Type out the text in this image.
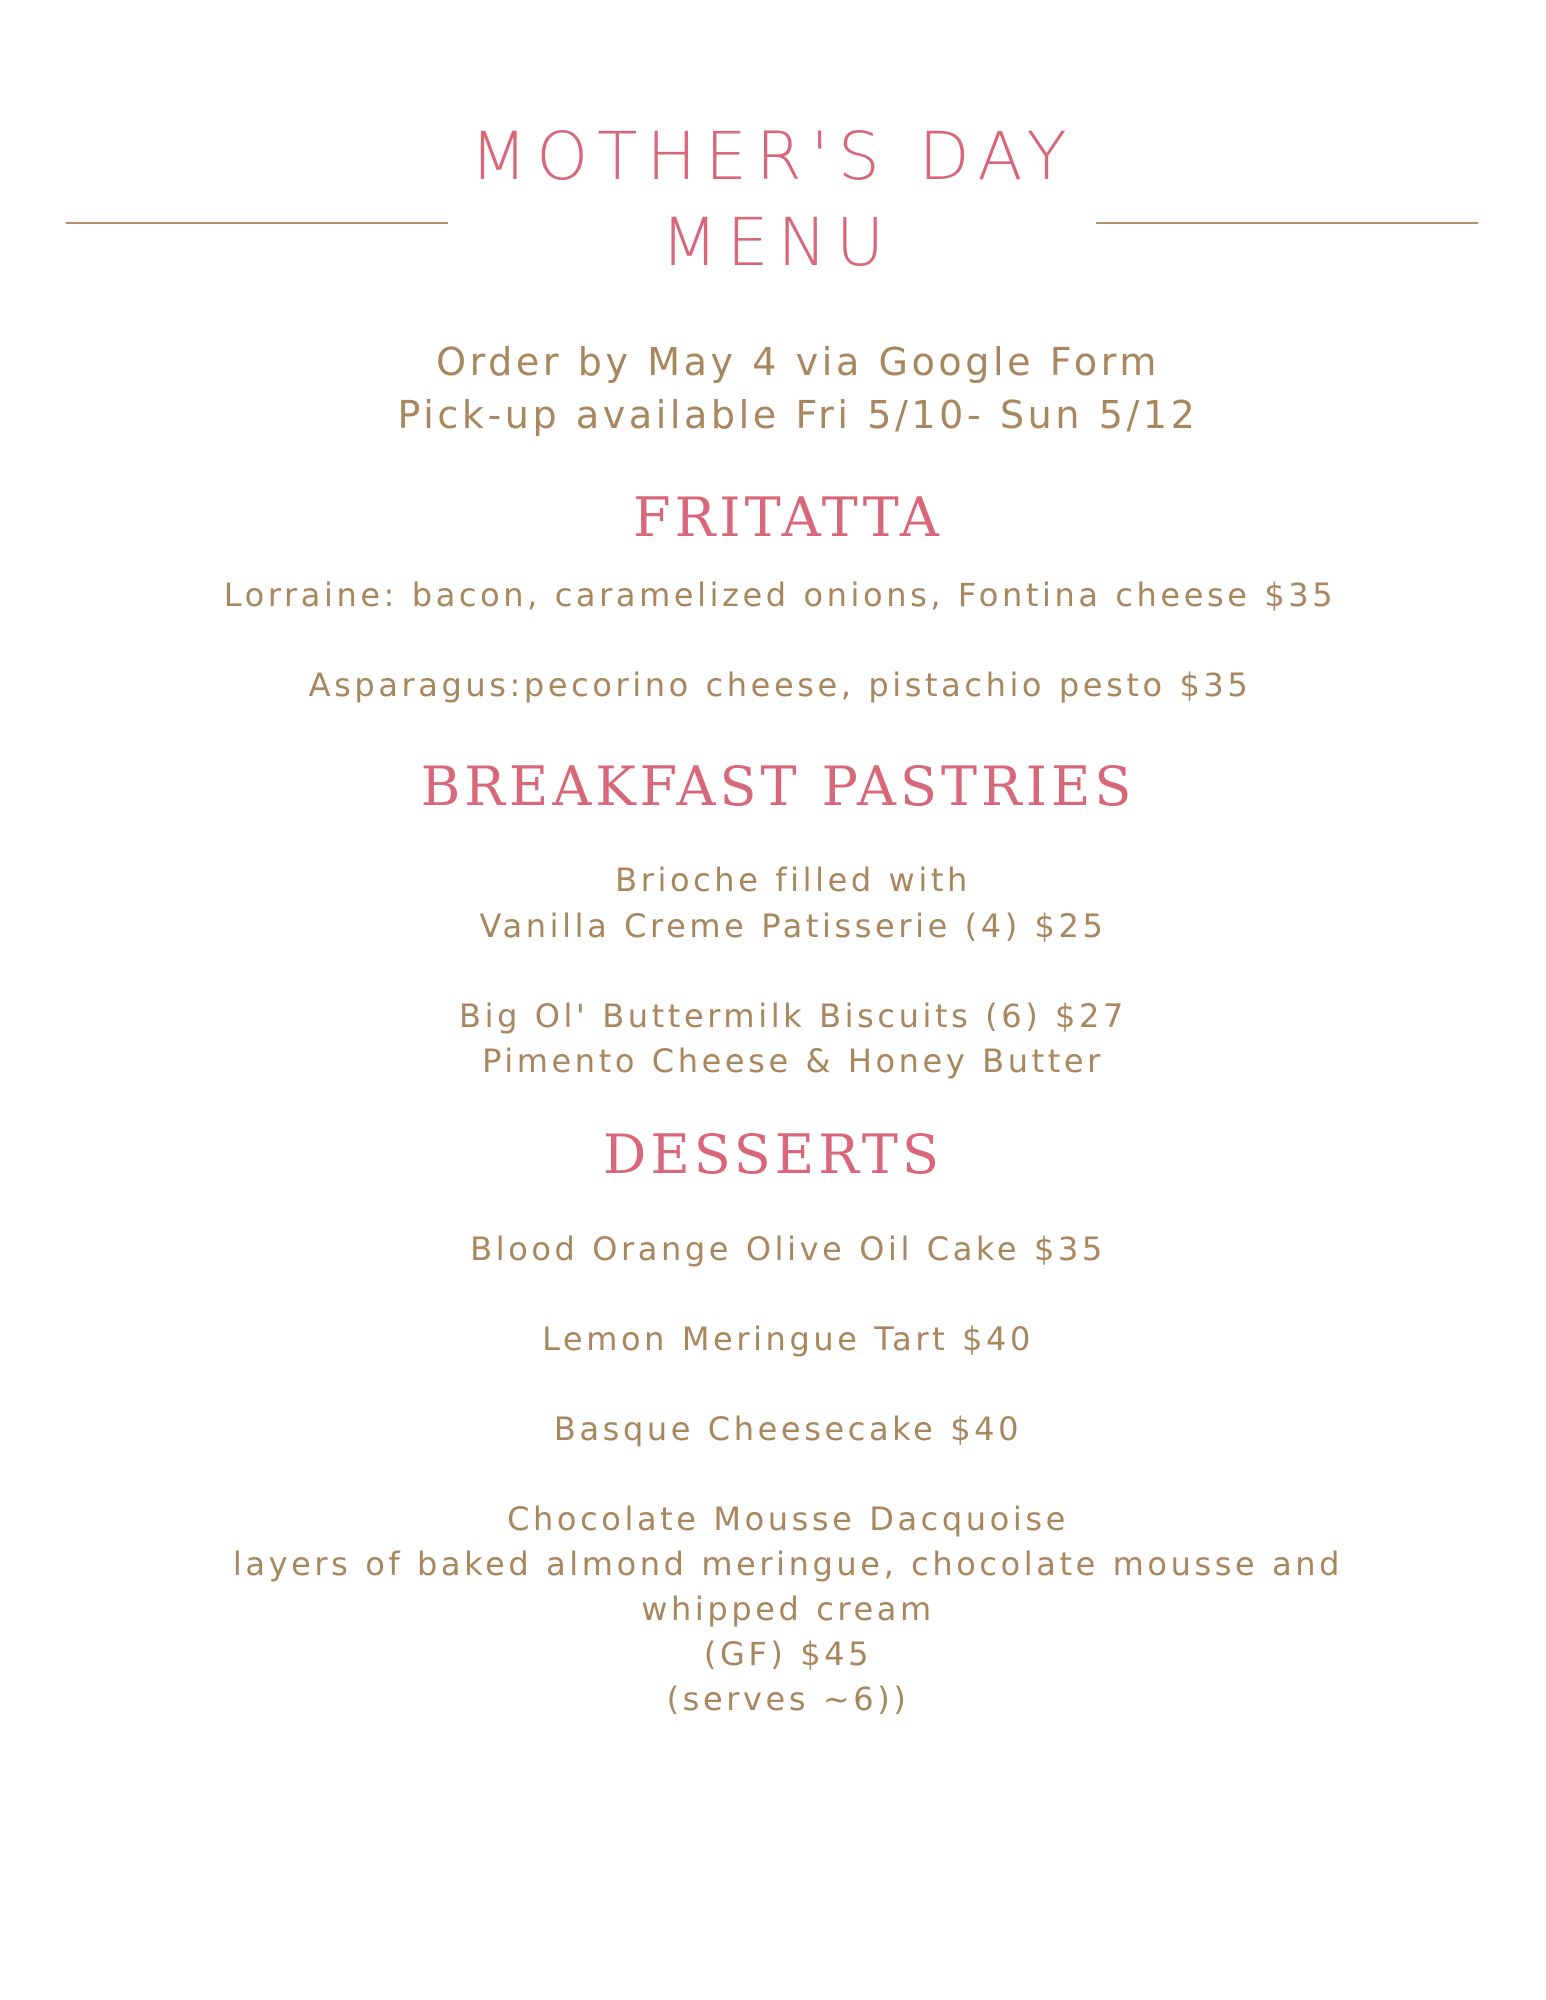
MOTHER'S DAY
MENU
Order by May 4 via Google Form
Pick-up available Fri 5/10- Sun 5/12
FRITATTA
Lorraine: bacon, caramelized onions, Fontina cheese $35
Asparagus:pecorino cheese, pistachio pesto $35
BREAKFAST PASTRIES
Brioche filled with
Vanilla Creme Patisserie (4) $25
Big Ol' Buttermilk Biscuits (6) $27
Pimento Cheese & Honey Butter
DESSERTS
Blood Orange Olive Oil Cake $35
Lemon Meringue Tart $40
Basque Cheesecake $40
Chocolate Mousse Dacquoise
layers of baked almond meringue, chocolate mousse and
whipped cream
(GF) $45
(serves ~6))
